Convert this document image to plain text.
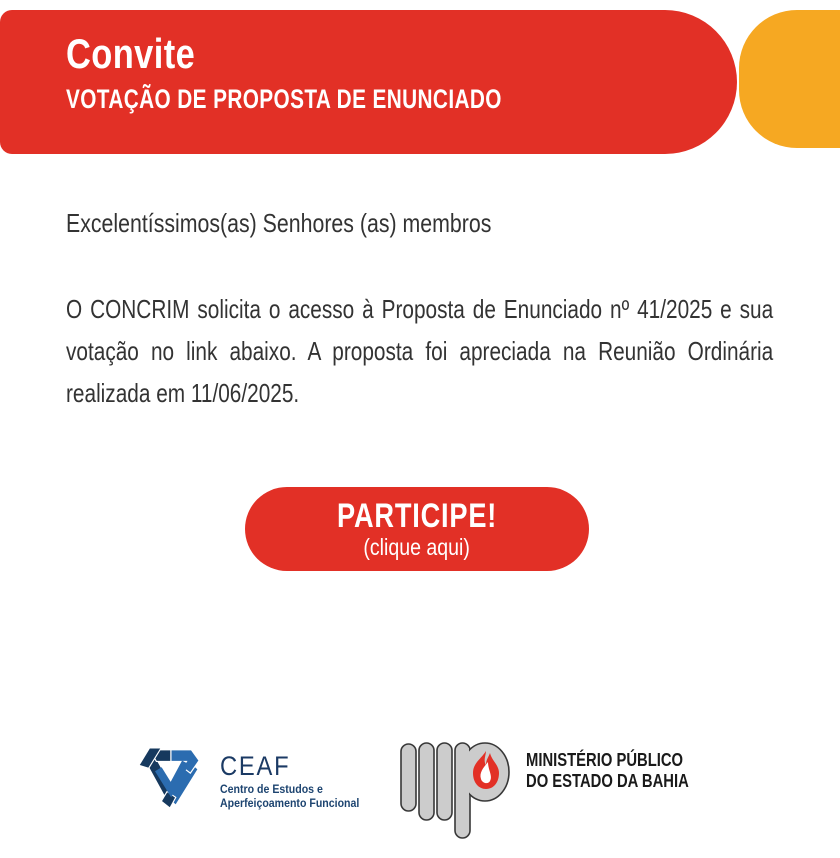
Convite
VOTAÇÃO DE PROPOSTA DE ENUNCIADO
Excelentíssimos(as) Senhores (as) membros
O CONCRIM solicita o acesso à Proposta de Enunciado nº 41/2025 e sua votação no link abaixo. A proposta foi apreciada na Reunião Ordinária realizada em 11/06/2025.
PARTICIPE!
(clique aqui)
CEAF
Centro de Estudos e
Aperfeiçoamento Funcional
MINISTÉRIO PÚBLICO
DO ESTADO DA BAHIA
